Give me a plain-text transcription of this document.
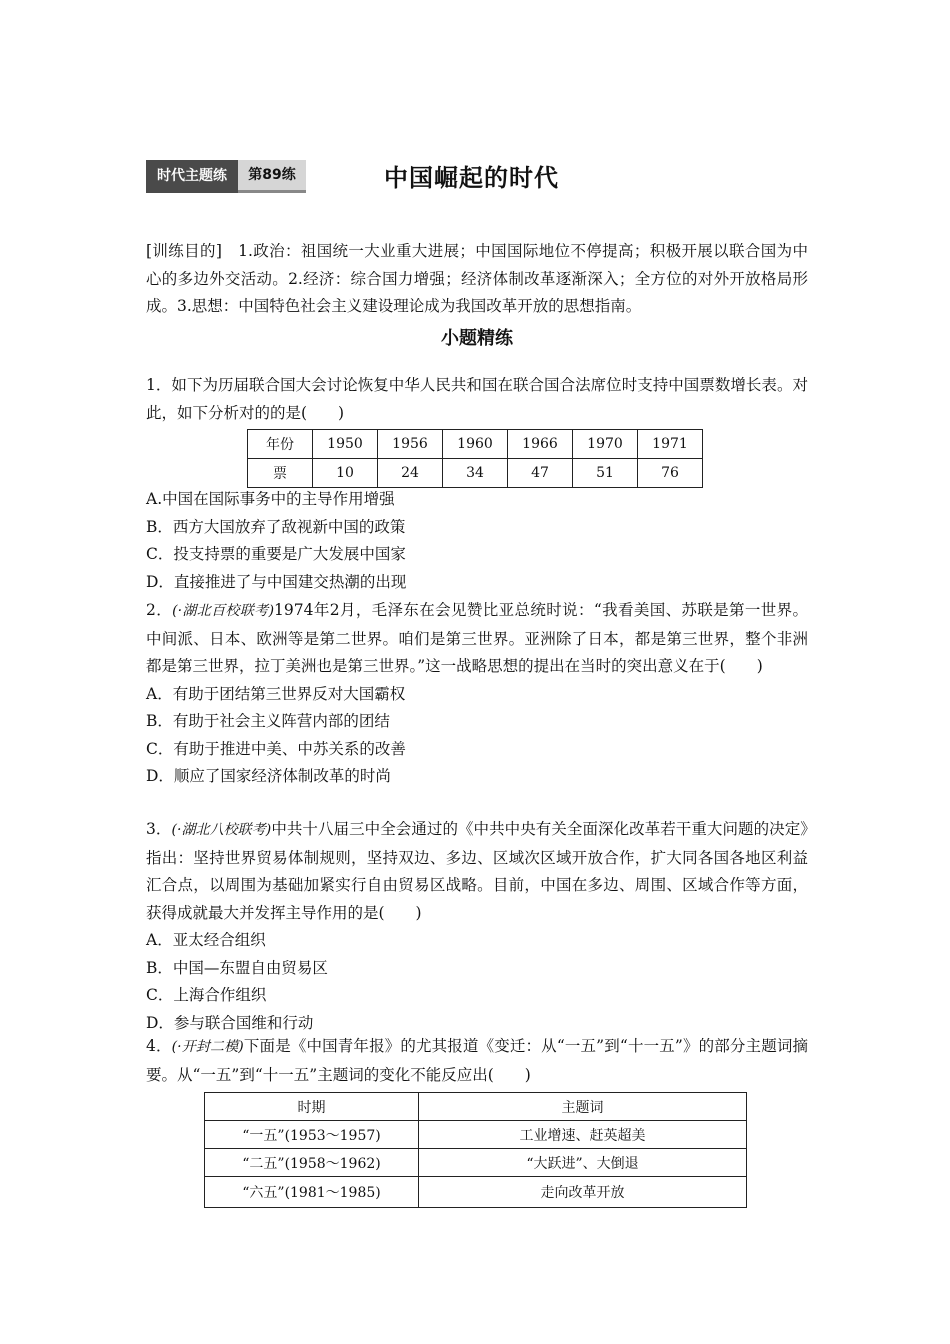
时代主题练	第89练	中国崛起的时代

[训练目的]　 1.政治：祖国统一大业重大进展；中国国际地位不停提高；积极开展以联合国为中心的多边外交活动。2.经济：综合国力增强；经济体制改革逐渐深入；全方位的对外开放格局形成。3.思想：中国特色社会主义建设理论成为我国改革开放的思想指南。

小题精练

1．如下为历届联合国大会讨论恢复中华人民共和国在联合国合法席位时支持中国票数增长表。对此，如下分析对的的是(　　)

年份	1950	1956	1960	1966	1970	1971
票	10	24	34	47	51	76
A.中国在国际事务中的主导作用增强
B．西方大国放弃了敌视新中国的政策
C．投支持票的重要是广大发展中国家
D．直接推进了与中国建交热潮的出现

2．(·湖北百校联考)1974年2月，毛泽东在会见赞比亚总统时说：“我看美国、苏联是第一世界。中间派、日本、欧洲等是第二世界。咱们是第三世界。亚洲除了日本，都是第三世界，整个非洲都是第三世界，拉丁美洲也是第三世界。”这一战略思想的提出在当时的突出意义在于(　　)

A．有助于团结第三世界反对大国霸权
B．有助于社会主义阵营内部的团结
C．有助于推进中美、中苏关系的改善
D．顺应了国家经济体制改革的时尚

3．(·湖北八校联考)中共十八届三中全会通过的《中共中央有关全面深化改革若干重大问题的决定》指出：坚持世界贸易体制规则，坚持双边、多边、区域次区域开放合作，扩大同各国各地区利益汇合点，以周围为基础加紧实行自由贸易区战略。目前，中国在多边、周围、区域合作等方面，获得成就最大并发挥主导作用的是(　　)

A．亚太经合组织
B．中国—东盟自由贸易区
C．上海合作组织
D．参与联合国维和行动

4．(·开封二模)下面是《中国青年报》的尤其报道《变迁：从“一五”到“十一五”》的部分主题词摘要。从“一五”到“十一五”主题词的变化不能反应出(　　)

时期	主题词
“一五”(1953～1957)	工业增速、赶英超美
“二五”(1958～1962)	“大跃进”、大倒退
“六五”(1981～1985)	走向改革开放
